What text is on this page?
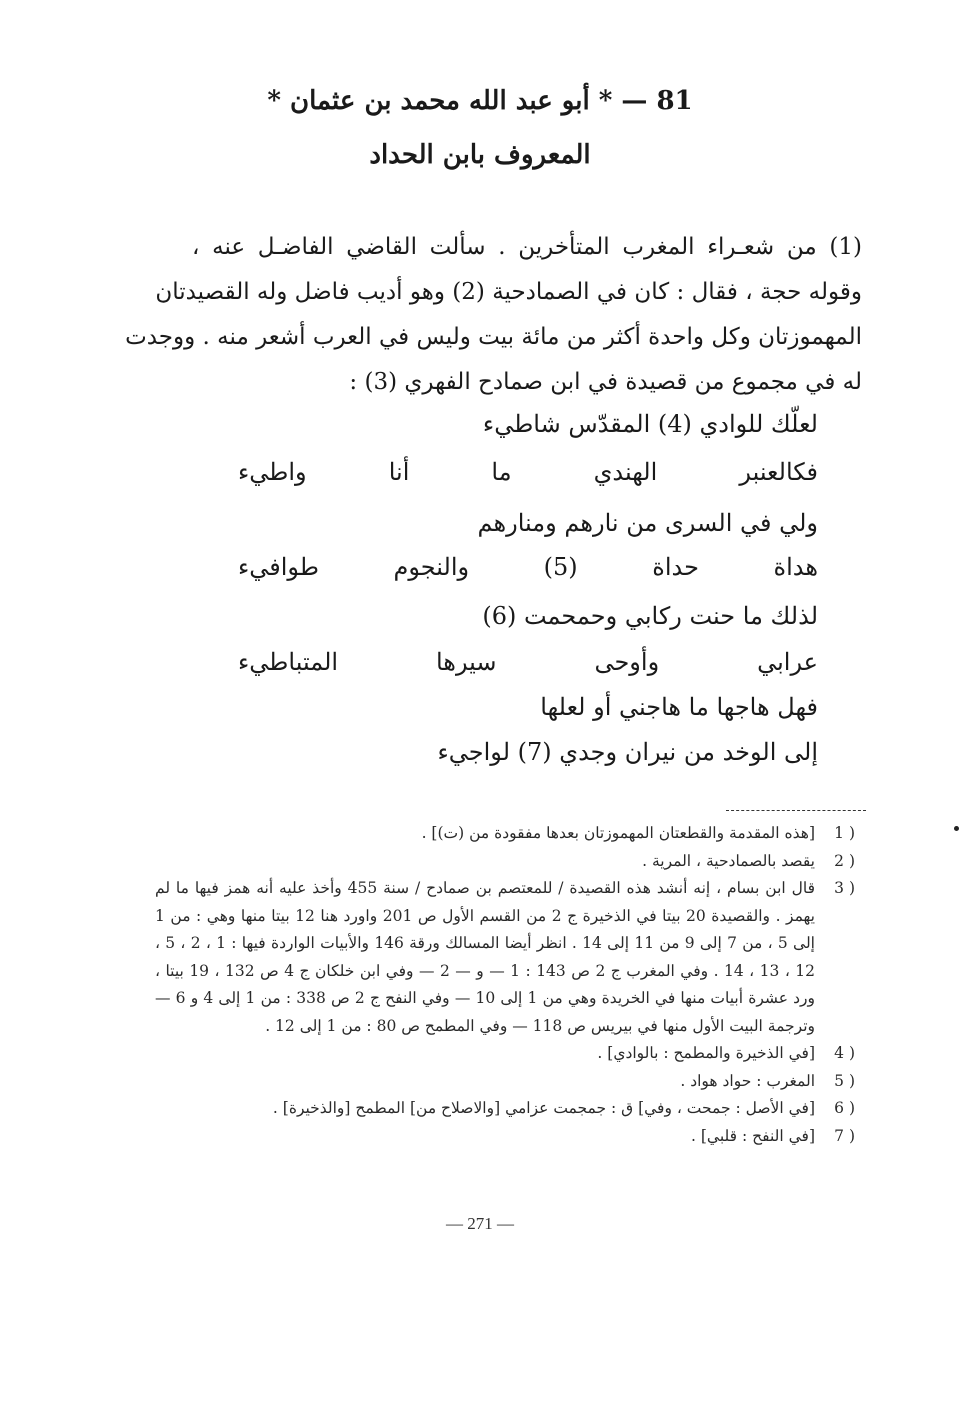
81 — * أبو عبد الله محمد بن عثمان *
المعروف بابن الحداد
(1) من شعـراء المغرب المتأخرين . سألت القاضي الفاضـل عنه ،
وقوله حجة ، فقال : كان في الصمادحية (2) وهو أديب فاضل وله القصيدتان
المهموزتان وكل واحدة أكثر من مائة بيت وليس في العرب أشعر منه . ووجدت
له في مجموع من قصيدة في ابن صمادح الفهري (3) :
لعلّك للوادي (4) المقدّس شاطيء
فكالعنبر الهندي ما أنا واطيء
ولي في السرى من نارهم ومنارهم
هداة حداة (5) والنجوم طوافيء
لذلك ما حنت ركابي وحمحمت (6)
عرابي وأوحى سيرها المتباطيء
فهل هاجها ما هاجني أو لعلها
إلى الوخد من نيران وجدي (7) لواجيء
1 )
[هذه المقدمة والقطعتان المهموزتان بعدها مفقودة من (ت)] .
2 )
يقصد بالصمادحية ، المرية .
3 )
قال ابن بسام ، إنه أنشد هذه القصيدة / للمعتصم بن صمادح / سنة 455 وأخذ عليه أنه همز فيها ما لم يهمز . والقصيدة 20 بيتا في الذخيرة ج 2 من القسم الأول ص 201 واورد هنا 12 بيتا منها وهي : من 1 إلى 5 ، من 7 إلى 9 من 11 إلى 14 . انظر أيضا المسالك ورقة 146 والأبيات الواردة فيها : 1 ، 2 ، 5 ، 12 ، 13 ، 14 . وفي المغرب ج 2 ص 143 : 1 — و — 2 — وفي ابن خلكان ج 4 ص 132 ، 19 بيتا ، ورد عشرة أبيات منها في الخريدة وهي من 1 إلى 10 — وفي النفح ج 2 ص 338 : من 1 إلى 4 و 6 — وترجمة البيت الأول منها في بيريس ص 118 — وفي المطمح ص 80 : من 1 إلى 12 .
4 )
[في الذخيرة والمطمح : بالوادي] .
5 )
المغرب : حواد هواد .
6 )
[في الأصل : جمحت ، وفي] ق : جمجمت عزامي [والاصلاح من] المطمح [والذخيرة] .
7 )
[في النفح : قلبي] .
— 271 —
